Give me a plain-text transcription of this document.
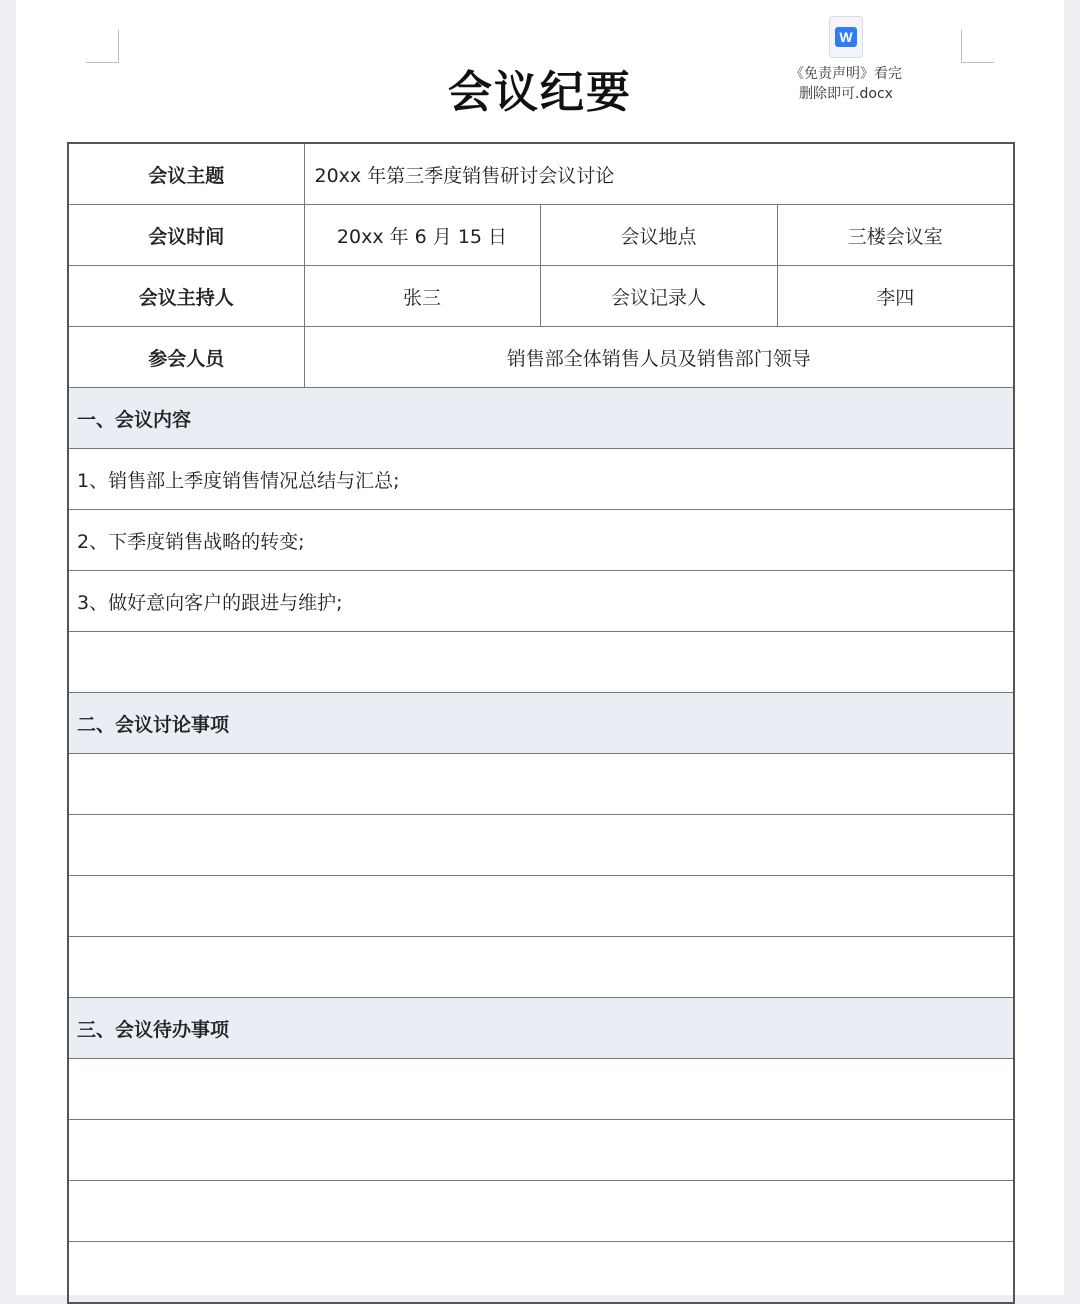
会议纪要
W
《免责声明》看完
删除即可.docx
会议主题	20xx 年第三季度销售研讨会议讨论		
会议时间	20xx 年 6 月 15 日	会议地点	三楼会议室
会议主持人	张三	会议记录人	李四
参会人员	销售部全体销售人员及销售部门领导		
一、会议内容			
1、销售部上季度销售情况总结与汇总;			
2、下季度销售战略的转变;			
3、做好意向客户的跟进与维护;			

二、会议讨论事项			

三、会议待办事项			
